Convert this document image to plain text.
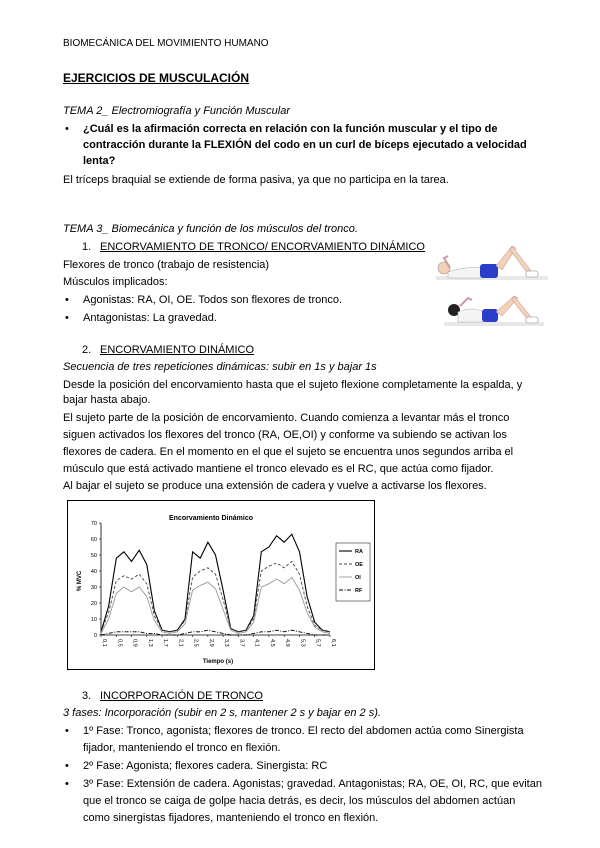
BIOMECÁNICA DEL MOVIMIENTO HUMANO
EJERCICIOS DE MUSCULACIÓN
TEMA 2_ Electromiografía y Función Muscular
• ¿Cuál es la afirmación correcta en relación con la función muscular y el tipo de
contracción durante la FLEXIÓN del codo en un curl de bíceps ejecutado a velocidad
lenta?
El tríceps braquial se extiende de forma pasiva, ya que no participa en la tarea.
TEMA 3_ Biomecánica y función de los músculos del tronco.
1. ENCORVAMIENTO DE TRONCO/ ENCORVAMIENTO DINÁMICO
Flexores de tronco (trabajo de resistencia)
Músculos implicados:
• Agonistas: RA, OI, OE. Todos son flexores de tronco.
• Antagonistas: La gravedad.
2. ENCORVAMIENTO DINÁMICO
Secuencia de tres repeticiones dinámicas: subir en 1s y bajar 1s
Desde la posición del encorvamiento hasta que el sujeto flexione completamente la espalda, y
bajar hasta abajo.
El sujeto parte de la posición de encorvamiento. Cuando comienza a levantar más el tronco
siguen activados los flexores del tronco (RA, OE,OI) y conforme va subiendo se activan los
flexores de cadera. En el momento en el que el sujeto se encuentra unos segundos arriba el
músculo que está activado mantiene el tronco elevado es el RC, que actúa como fijador.
Al bajar el sujeto se produce una extensión de cadera y vuelve a activarse los flexores.
Encorvamiento Dinámico
% MVC
Tiempo (s)
0
10
20
30
40
50
60
70
0,1 0,5 0,9 1,3 1,7 2,1 2,5 2,9 3,3 3,7 4,1 4,5 4,9 5,3 5,7 6,1
RA
OE
OI
RF
3. INCORPORACIÓN DE TRONCO
3 fases: Incorporación (subir en 2 s, mantener 2 s y bajar en 2 s).
• 1º Fase: Tronco, agonista; flexores de tronco. El recto del abdomen actúa como Sinergista
fijador, manteniendo el tronco en flexión.
• 2º Fase: Agonista; flexores cadera. Sinergista: RC
• 3º Fase: Extensión de cadera. Agonistas; gravedad. Antagonistas; RA, OE, OI, RC, que evitan
que el tronco se caiga de golpe hacia detrás, es decir, los músculos del abdomen actúan
como sinergistas fijadores, manteniendo el tronco en flexión.
